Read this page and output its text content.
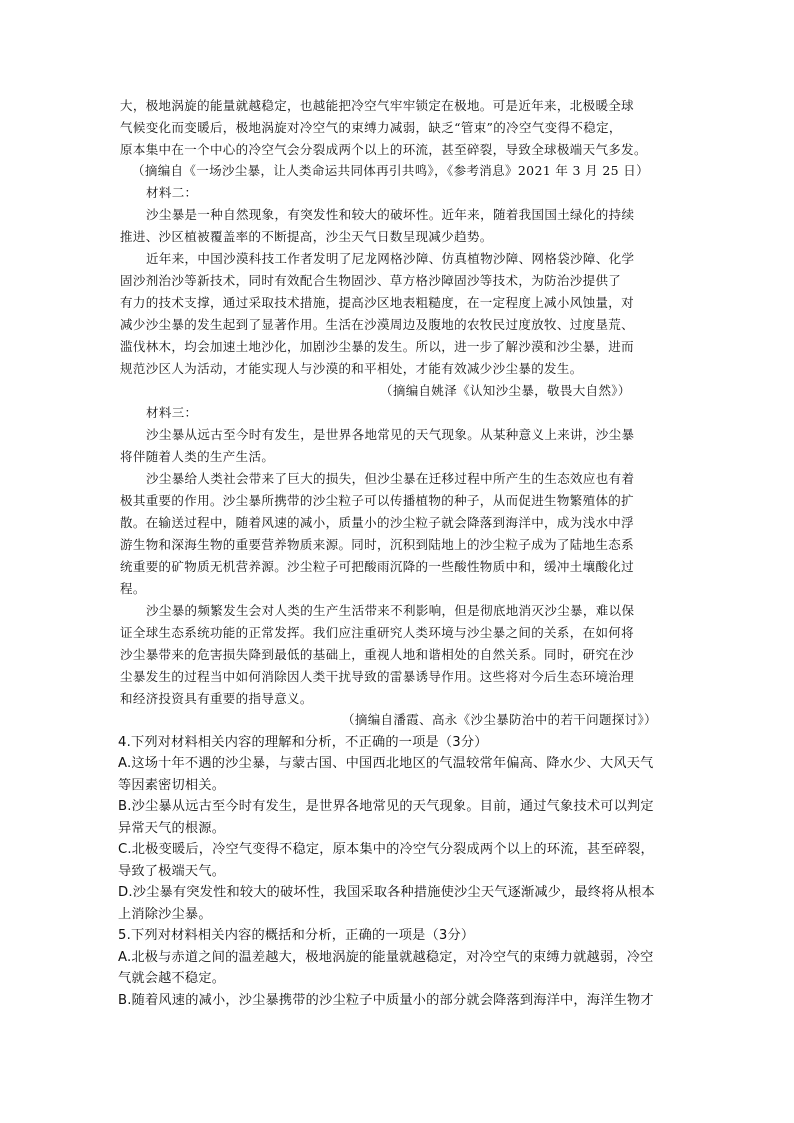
大，极地涡旋的能量就越稳定，也越能把冷空气牢牢锁定在极地。可是近年来，北极暖全球
气候变化而变暖后，极地涡旋对冷空气的束缚力减弱，缺乏“管束”的冷空气变得不稳定，
原本集中在一个中心的冷空气会分裂成两个以上的环流，甚至碎裂，导致全球极端天气多发。
（摘编自《一场沙尘暴，让人类命运共同体再引共鸣》，《参考消息》2021 年 3 月 25 日）
材料二：
沙尘暴是一种自然现象，有突发性和较大的破坏性。近年来，随着我国国土绿化的持续
推进、沙区植被覆盖率的不断提高，沙尘天气日数呈现减少趋势。
近年来，中国沙漠科技工作者发明了尼龙网格沙障、仿真植物沙障、网格袋沙障、化学
固沙剂治沙等新技术，同时有效配合生物固沙、草方格沙障固沙等技术，为防治沙提供了
有力的技术支撑，通过采取技术措施，提高沙区地表粗糙度，在一定程度上减小风蚀量，对
减少沙尘暴的发生起到了显著作用。生活在沙漠周边及腹地的农牧民过度放牧、过度垦荒、
滥伐林木，均会加速土地沙化，加剧沙尘暴的发生。所以，进一步了解沙漠和沙尘暴，进而
规范沙区人为活动，才能实现人与沙漠的和平相处，才能有效减少沙尘暴的发生。
（摘编自姚泽《认知沙尘暴，敬畏大自然》）
材料三：
沙尘暴从远古至今时有发生，是世界各地常见的天气现象。从某种意义上来讲，沙尘暴
将伴随着人类的生产生活。
沙尘暴给人类社会带来了巨大的损失，但沙尘暴在迁移过程中所产生的生态效应也有着
极其重要的作用。沙尘暴所携带的沙尘粒子可以传播植物的种子，从而促进生物繁殖体的扩
散。在输送过程中，随着风速的减小，质量小的沙尘粒子就会降落到海洋中，成为浅水中浮
游生物和深海生物的重要营养物质来源。同时，沉积到陆地上的沙尘粒子成为了陆地生态系
统重要的矿物质无机营养源。沙尘粒子可把酸雨沉降的一些酸性物质中和，缓冲土壤酸化过
程。
沙尘暴的频繁发生会对人类的生产生活带来不利影响，但是彻底地消灭沙尘暴，难以保
证全球生态系统功能的正常发挥。我们应注重研究人类环境与沙尘暴之间的关系，在如何将
沙尘暴带来的危害损失降到最低的基础上，重视人地和谐相处的自然关系。同时，研究在沙
尘暴发生的过程当中如何消除因人类干扰导致的雷暴诱导作用。这些将对今后生态环境治理
和经济投资具有重要的指导意义。
（摘编自潘霞、高永《沙尘暴防治中的若干问题探讨》）
4.下列对材料相关内容的理解和分析，不正确的一项是（3分）
A.这场十年不遇的沙尘暴，与蒙古国、中国西北地区的气温较常年偏高、降水少、大风天气
等因素密切相关。
B.沙尘暴从远古至今时有发生，是世界各地常见的天气现象。目前，通过气象技术可以判定
异常天气的根源。
C.北极变暖后，冷空气变得不稳定，原本集中的冷空气分裂成两个以上的环流，甚至碎裂，
导致了极端天气。
D.沙尘暴有突发性和较大的破坏性，我国采取各种措施使沙尘天气逐渐减少，最终将从根本
上消除沙尘暴。
5.下列对材料相关内容的概括和分析，正确的一项是（3分）
A.北极与赤道之间的温差越大，极地涡旋的能量就越稳定，对冷空气的束缚力就越弱，冷空
气就会越不稳定。
B.随着风速的减小，沙尘暴携带的沙尘粒子中质量小的部分就会降落到海洋中，海洋生物才
